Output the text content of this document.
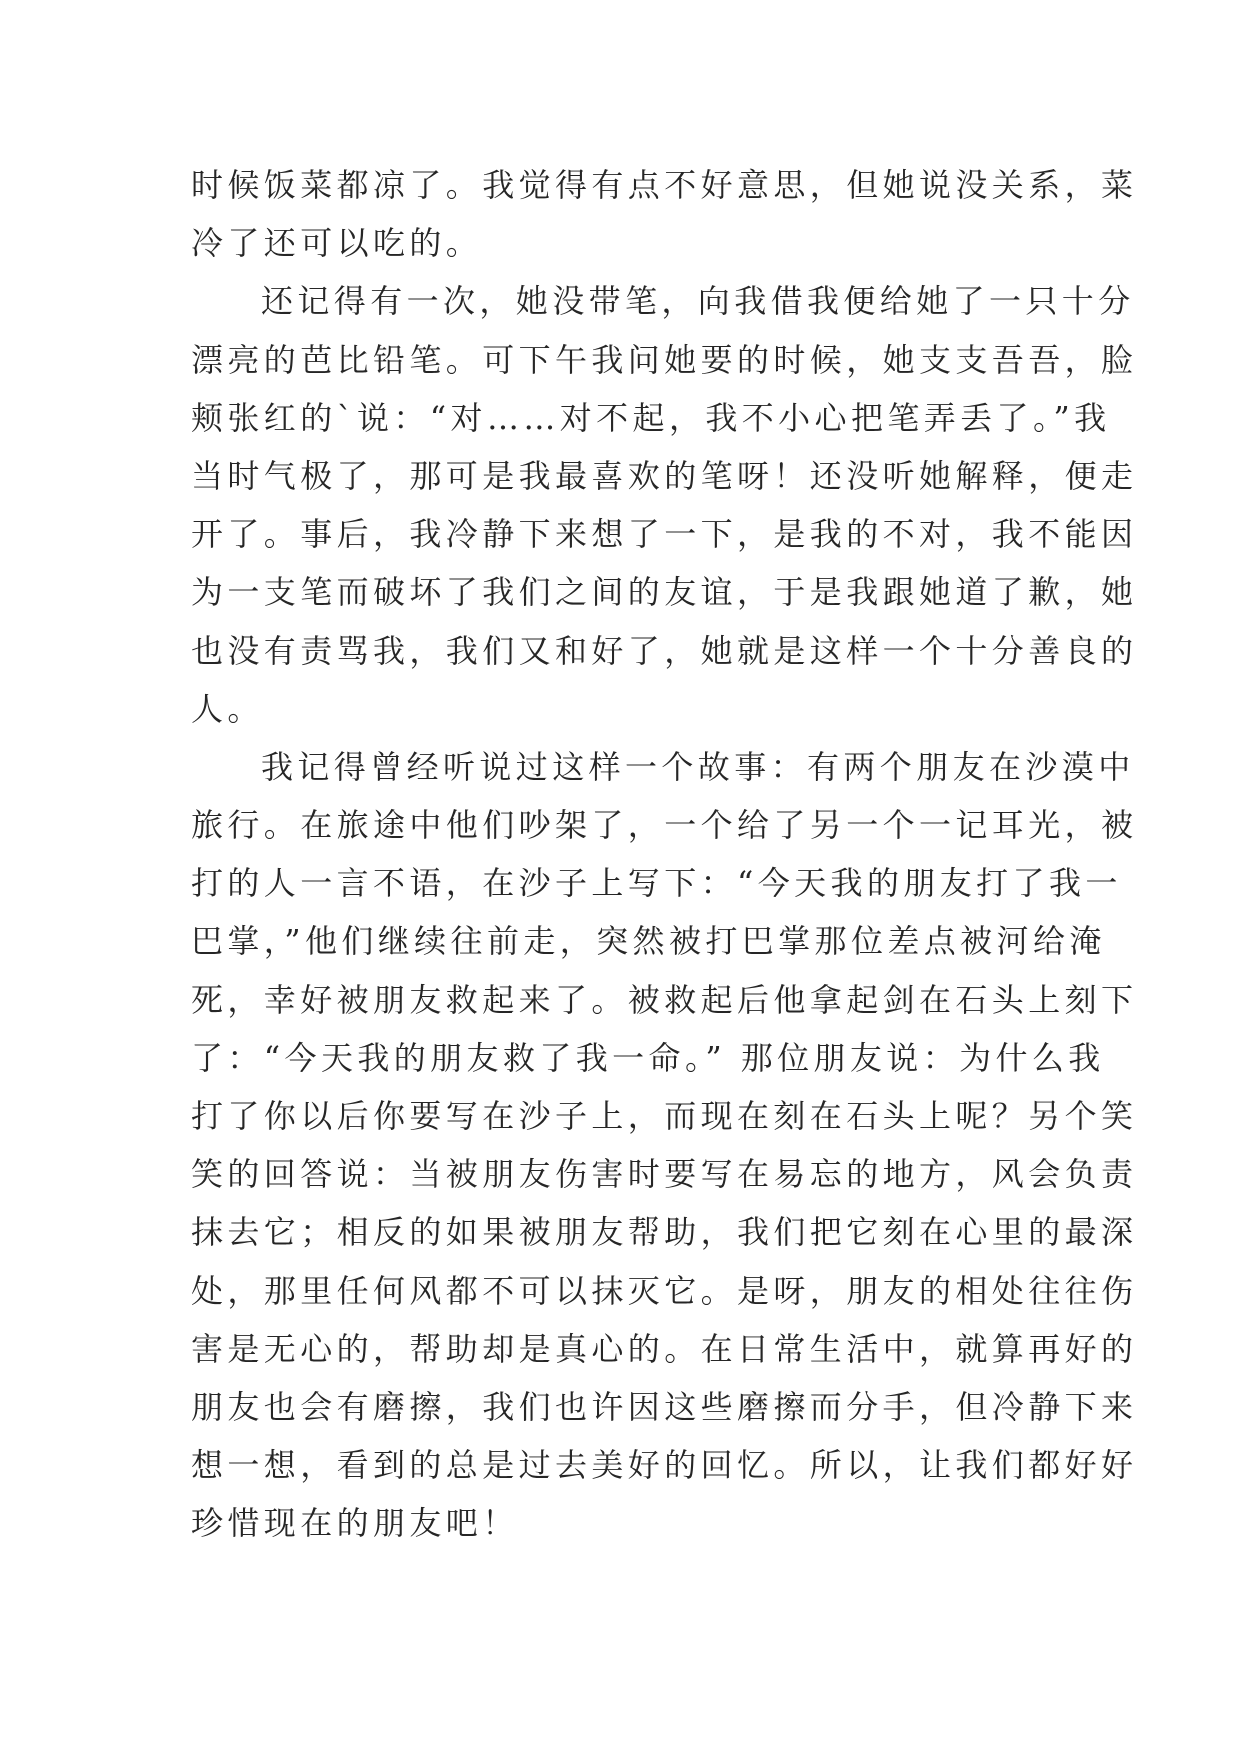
时候饭菜都凉了。我觉得有点不好意思，但她说没关系，菜
冷了还可以吃的。
还记得有一次，她没带笔，向我借我便给她了一只十分
漂亮的芭比铅笔。可下午我问她要的时候，她支支吾吾，脸
颊张红的`说：“对……对不起，我不小心把笔弄丢了。”我
当时气极了，那可是我最喜欢的笔呀！还没听她解释，便走
开了。事后，我冷静下来想了一下，是我的不对，我不能因
为一支笔而破坏了我们之间的友谊，于是我跟她道了歉，她
也没有责骂我，我们又和好了，她就是这样一个十分善良的
人。
我记得曾经听说过这样一个故事：有两个朋友在沙漠中
旅行。在旅途中他们吵架了，一个给了另一个一记耳光，被
打的人一言不语，在沙子上写下：“今天我的朋友打了我一
巴掌，”他们继续往前走，突然被打巴掌那位差点被河给淹
死，幸好被朋友救起来了。被救起后他拿起剑在石头上刻下
了：“今天我的朋友救了我一命。” 那位朋友说：为什么我
打了你以后你要写在沙子上，而现在刻在石头上呢？另个笑
笑的回答说：当被朋友伤害时要写在易忘的地方，风会负责
抹去它；相反的如果被朋友帮助，我们把它刻在心里的最深
处，那里任何风都不可以抹灭它。是呀，朋友的相处往往伤
害是无心的，帮助却是真心的。在日常生活中，就算再好的
朋友也会有磨擦，我们也许因这些磨擦而分手，但冷静下来
想一想，看到的总是过去美好的回忆。所以，让我们都好好
珍惜现在的朋友吧！
